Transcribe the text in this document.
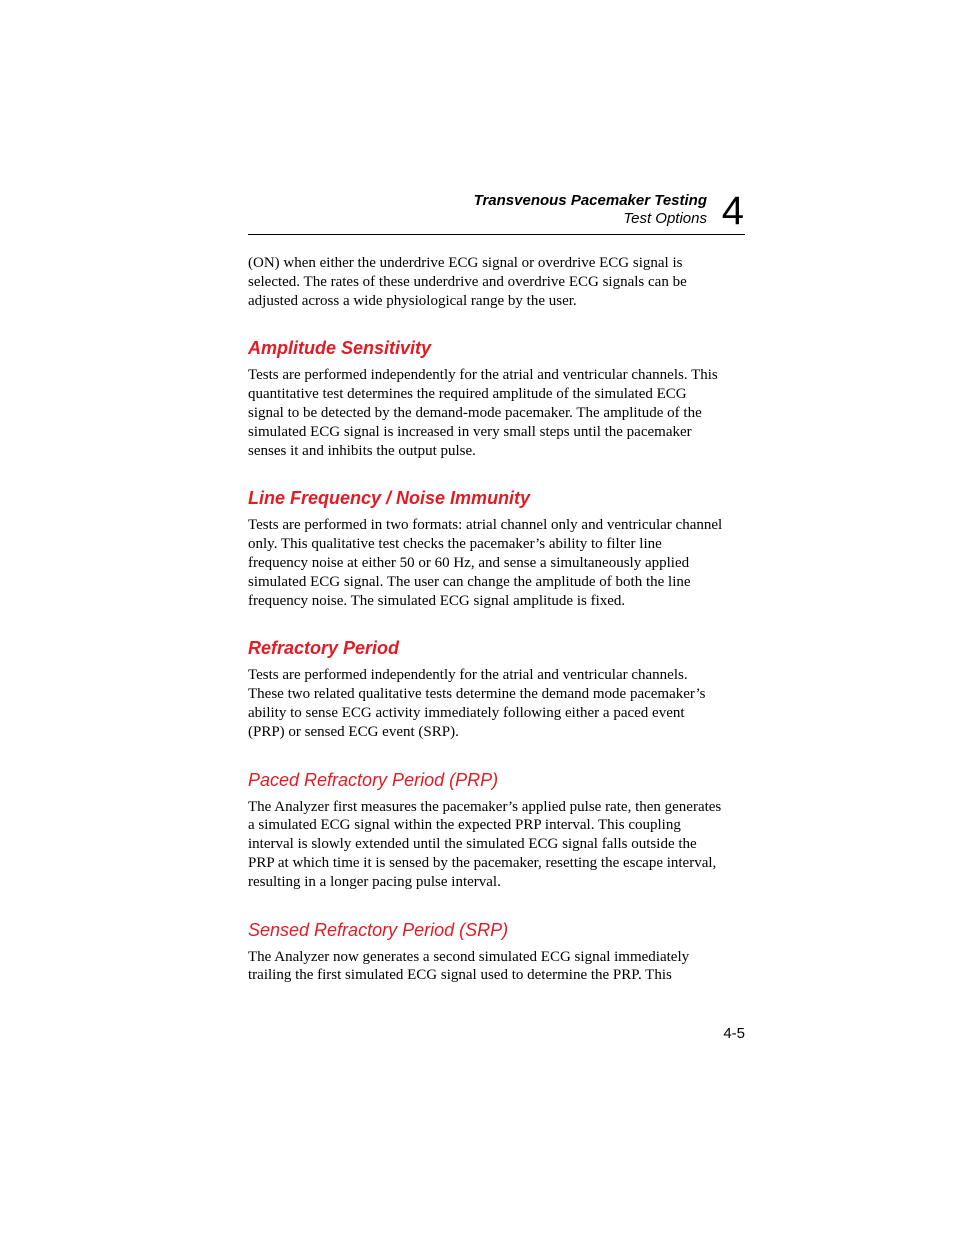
Transvenous Pacemaker Testing
Test Options 4

(ON) when either the underdrive ECG signal or overdrive ECG signal is
selected. The rates of these underdrive and overdrive ECG signals can be
adjusted across a wide physiological range by the user.

Amplitude Sensitivity

Tests are performed independently for the atrial and ventricular channels. This
quantitative test determines the required amplitude of the simulated ECG
signal to be detected by the demand-mode pacemaker. The amplitude of the
simulated ECG signal is increased in very small steps until the pacemaker
senses it and inhibits the output pulse.

Line Frequency / Noise Immunity

Tests are performed in two formats: atrial channel only and ventricular channel
only. This qualitative test checks the pacemaker’s ability to filter line
frequency noise at either 50 or 60 Hz, and sense a simultaneously applied
simulated ECG signal. The user can change the amplitude of both the line
frequency noise. The simulated ECG signal amplitude is fixed.

Refractory Period

Tests are performed independently for the atrial and ventricular channels.
These two related qualitative tests determine the demand mode pacemaker’s
ability to sense ECG activity immediately following either a paced event
(PRP) or sensed ECG event (SRP).

Paced Refractory Period (PRP)

The Analyzer first measures the pacemaker’s applied pulse rate, then generates
a simulated ECG signal within the expected PRP interval. This coupling
interval is slowly extended until the simulated ECG signal falls outside the
PRP at which time it is sensed by the pacemaker, resetting the escape interval,
resulting in a longer pacing pulse interval.

Sensed Refractory Period (SRP)

The Analyzer now generates a second simulated ECG signal immediately
trailing the first simulated ECG signal used to determine the PRP. This

4-5
